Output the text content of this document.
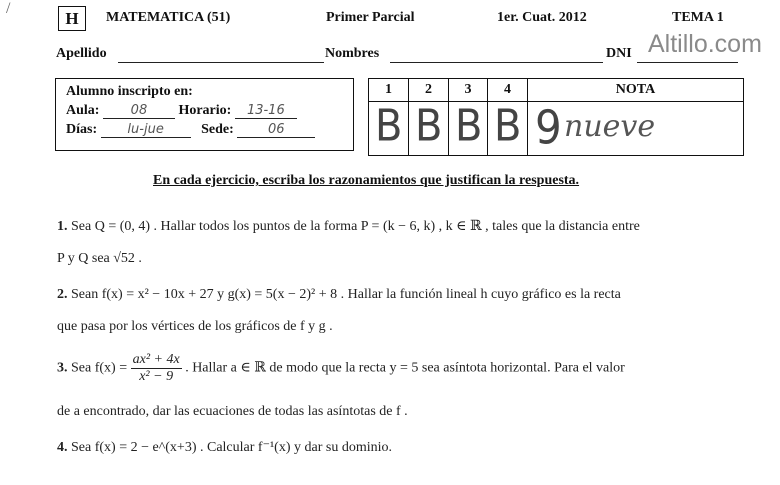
/
H	MATEMATICA (51)	Primer Parcial	1er. Cuat. 2012	TEMA 1
Altillo.com
Apellido	Nombres	DNI
Alumno inscripto en:
Aula: 08 Horario: 13-16
Días: lu-jue	Sede:	06
1	2	3	4	NOTA
B B B B 9 nueve
En cada ejercicio, escriba los razonamientos que justifican la respuesta.
1. Sea Q = (0, 4) . Hallar todos los puntos de la forma P = (k − 6, k) , k ∈ ℝ , tales que la distancia entre
P y Q sea √52 .
2. Sean f(x) = x² − 10x + 27 y g(x) = 5(x − 2)² + 8 . Hallar la función lineal h cuyo gráfico es la recta
que pasa por los vértices de los gráficos de f y g .
3. Sea $f(x) = \frac{\text{ax² + 4x}}{\text{x² − 9}}$ . Hallar a ∈ ℝ de modo que la recta y = 5 sea asíntota horizontal. Para el valor
de a encontrado, dar las ecuaciones de todas las asíntotas de f .
4. Sea f(x) = 2 − e^(x+3) . Calcular f⁻¹(x) y dar su dominio.
